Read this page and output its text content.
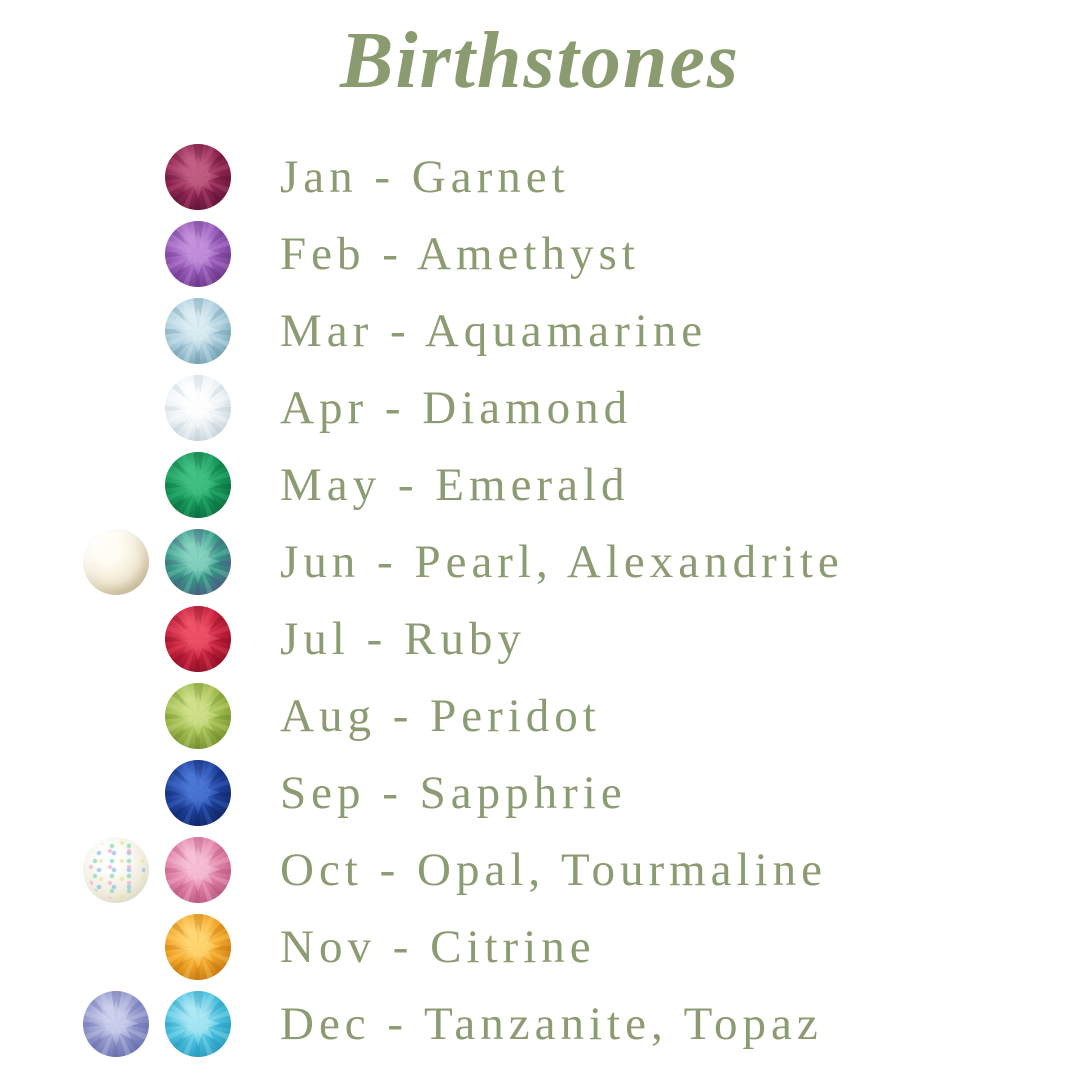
Birthstones
Jan - Garnet
Feb - Amethyst
Mar - Aquamarine
Apr - Diamond
May - Emerald
Jun - Pearl, Alexandrite
Jul - Ruby
Aug - Peridot
Sep - Sapphrie
Oct - Opal, Tourmaline
Nov - Citrine
Dec - Tanzanite, Topaz
